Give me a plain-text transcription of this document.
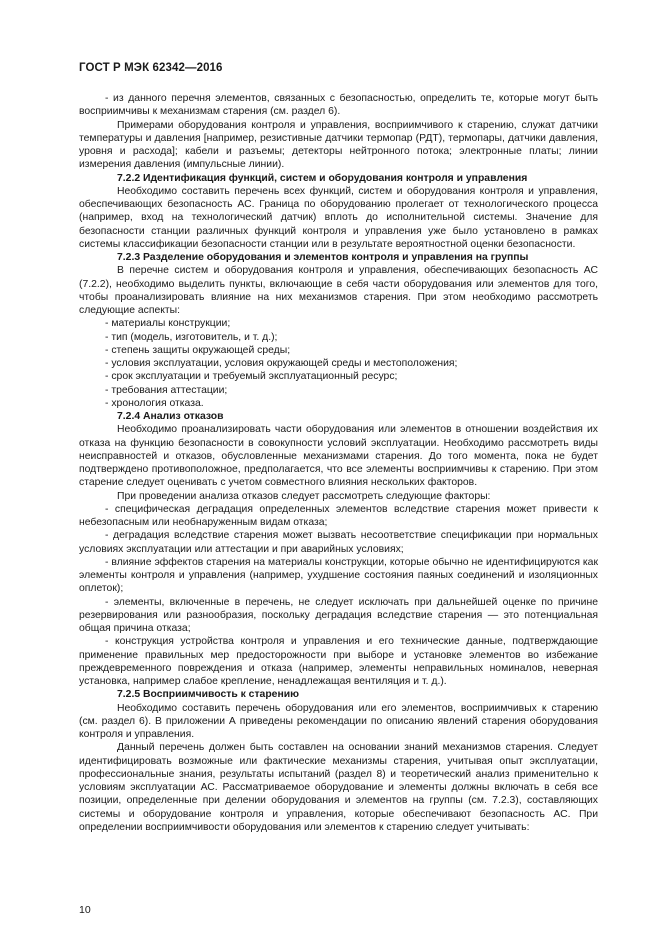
ГОСТ Р МЭК 62342—2016

- из данного перечня элементов, связанных с безопасностью, определить те, которые могут быть восприимчивы к механизмам старения (см. раздел 6).

Примерами оборудования контроля и управления, восприимчивого к старению, служат датчики температуры и давления [например, резистивные датчики термопар (РДТ), термопары, датчики давления, уровня и расхода]; кабели и разъемы; детекторы нейтронного потока; электронные платы; линии измерения давления (импульсные линии).

7.2.2 Идентификация функций, систем и оборудования контроля и управления

Необходимо составить перечень всех функций, систем и оборудования контроля и управления, обеспечивающих безопасность АС. Граница по оборудованию пролегает от технологического процесса (например, вход на технологический датчик) вплоть до исполнительной системы. Значение для безопасности станции различных функций контроля и управления уже было установлено в рамках системы классификации безопасности станции или в результате вероятностной оценки безопасности.

7.2.3 Разделение оборудования и элементов контроля и управления на группы

В перечне систем и оборудования контроля и управления, обеспечивающих безопасность АС (7.2.2), необходимо выделить пункты, включающие в себя части оборудования или элементов для того, чтобы проанализировать влияние на них механизмов старения. При этом необходимо рассмотреть следующие аспекты:

- материалы конструкции;

- тип (модель, изготовитель, и т. д.);

- степень защиты окружающей среды;

- условия эксплуатации, условия окружающей среды и местоположения;

- срок эксплуатации и требуемый эксплуатационный ресурс;

- требования аттестации;

- хронология отказа.

7.2.4 Анализ отказов

Необходимо проанализировать части оборудования или элементов в отношении воздействия их отказа на функцию безопасности в совокупности условий эксплуатации. Необходимо рассмотреть виды неисправностей и отказов, обусловленные механизмами старения. До того момента, пока не будет подтверждено противоположное, предполагается, что все элементы восприимчивы к старению. При этом старение следует оценивать с учетом совместного влияния нескольких факторов.

При проведении анализа отказов следует рассмотреть следующие факторы:

- специфическая деградация определенных элементов вследствие старения может привести к небезопасным или необнаруженным видам отказа;

- деградация вследствие старения может вызвать несоответствие спецификации при нормальных условиях эксплуатации или аттестации и при аварийных условиях;

- влияние эффектов старения на материалы конструкции, которые обычно не идентифицируются как элементы контроля и управления (например, ухудшение состояния паяных соединений и изоляционных оплеток);

- элементы, включенные в перечень, не следует исключать при дальнейшей оценке по причине резервирования или разнообразия, поскольку деградация вследствие старения — это потенциальная общая причина отказа;

- конструкция устройства контроля и управления и его технические данные, подтверждающие применение правильных мер предосторожности при выборе и установке элементов во избежание преждевременного повреждения и отказа (например, элементы неправильных номиналов, неверная установка, например слабое крепление, ненадлежащая вентиляция и т. д.).

7.2.5 Восприимчивость к старению

Необходимо составить перечень оборудования или его элементов, восприимчивых к старению (см. раздел 6). В приложении А приведены рекомендации по описанию явлений старения оборудования контроля и управления.

Данный перечень должен быть составлен на основании знаний механизмов старения. Следует идентифицировать возможные или фактические механизмы старения, учитывая опыт эксплуатации, профессиональные знания, результаты испытаний (раздел 8) и теоретический анализ применительно к условиям эксплуатации АС. Рассматриваемое оборудование и элементы должны включать в себя все позиции, определенные при делении оборудования и элементов на группы (см. 7.2.3), составляющих системы и оборудование контроля и управления, которые обеспечивают безопасность АС. При определении восприимчивости оборудования или элементов к старению следует учитывать:

10
